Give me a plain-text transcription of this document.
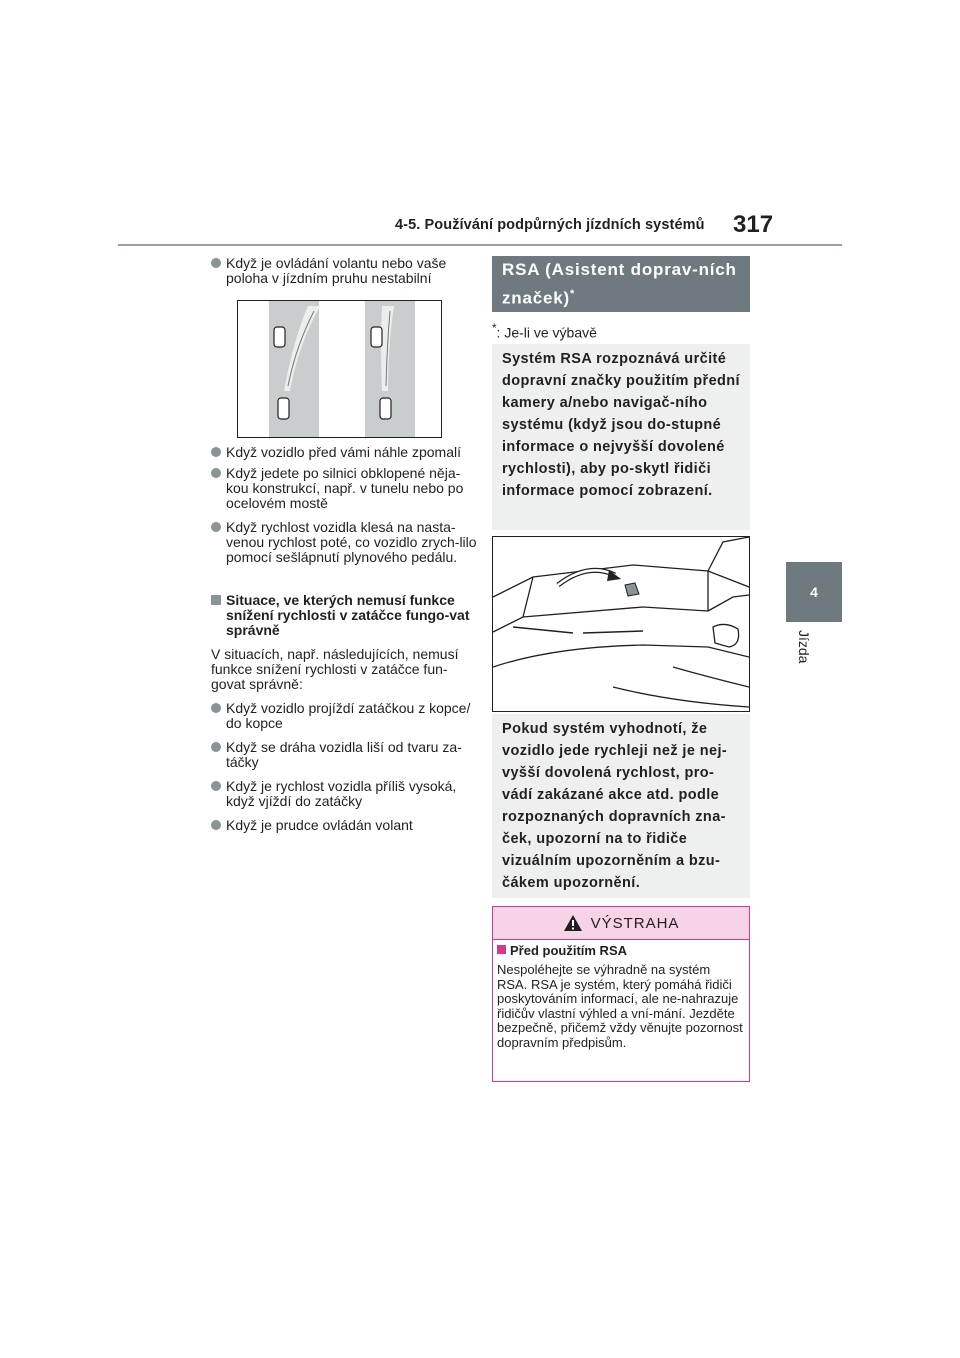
4-5. Používání podpůrných jízdních systémů 317
4
Jízda
Když je ovládání volantu nebo vaše poloha v jízdním pruhu nestabilní
Když vozidlo před vámi náhle zpomalí
Když jedete po silnici obklopené něja-kou konstrukcí, např. v tunelu nebo po ocelovém mostě
Když rychlost vozidla klesá na nasta-venou rychlost poté, co vozidlo zrych-lilo pomocí sešlápnutí plynového pedálu.
Situace, ve kterých nemusí funkce snížení rychlosti v zatáčce fungo-vat správně
V situacích, např. následujících, nemusí funkce snížení rychlosti v zatáčce fun-govat správně:
Když vozidlo projíždí zatáčkou z kopce/ do kopce
Když se dráha vozidla liší od tvaru za-táčky
Když je rychlost vozidla příliš vysoká, když vjíždí do zatáčky
Když je prudce ovládán volant
RSA (Asistent doprav-ních značek)*
*: Je-li ve výbavě
Systém RSA rozpoznává určité dopravní značky použitím přední kamery a/nebo navigač-ního systému (když jsou do-stupné informace o nejvyšší dovolené rychlosti), aby po-skytl řidiči informace pomocí zobrazení.
Pokud systém vyhodnotí, že vozidlo jede rychleji než je nej-vyšší dovolená rychlost, pro-vádí zakázané akce atd. podle rozpoznaných dopravních zna-ček, upozorní na to řidiče vizuálním upozorněním a bzu-čákem upozornění.
VÝSTRAHA
Před použitím RSA
Nespoléhejte se výhradně na systém RSA. RSA je systém, který pomáhá řidiči poskytováním informací, ale ne-nahrazuje řidičův vlastní výhled a vní-mání. Jezděte bezpečně, přičemž vždy věnujte pozornost dopravním předpisům.
